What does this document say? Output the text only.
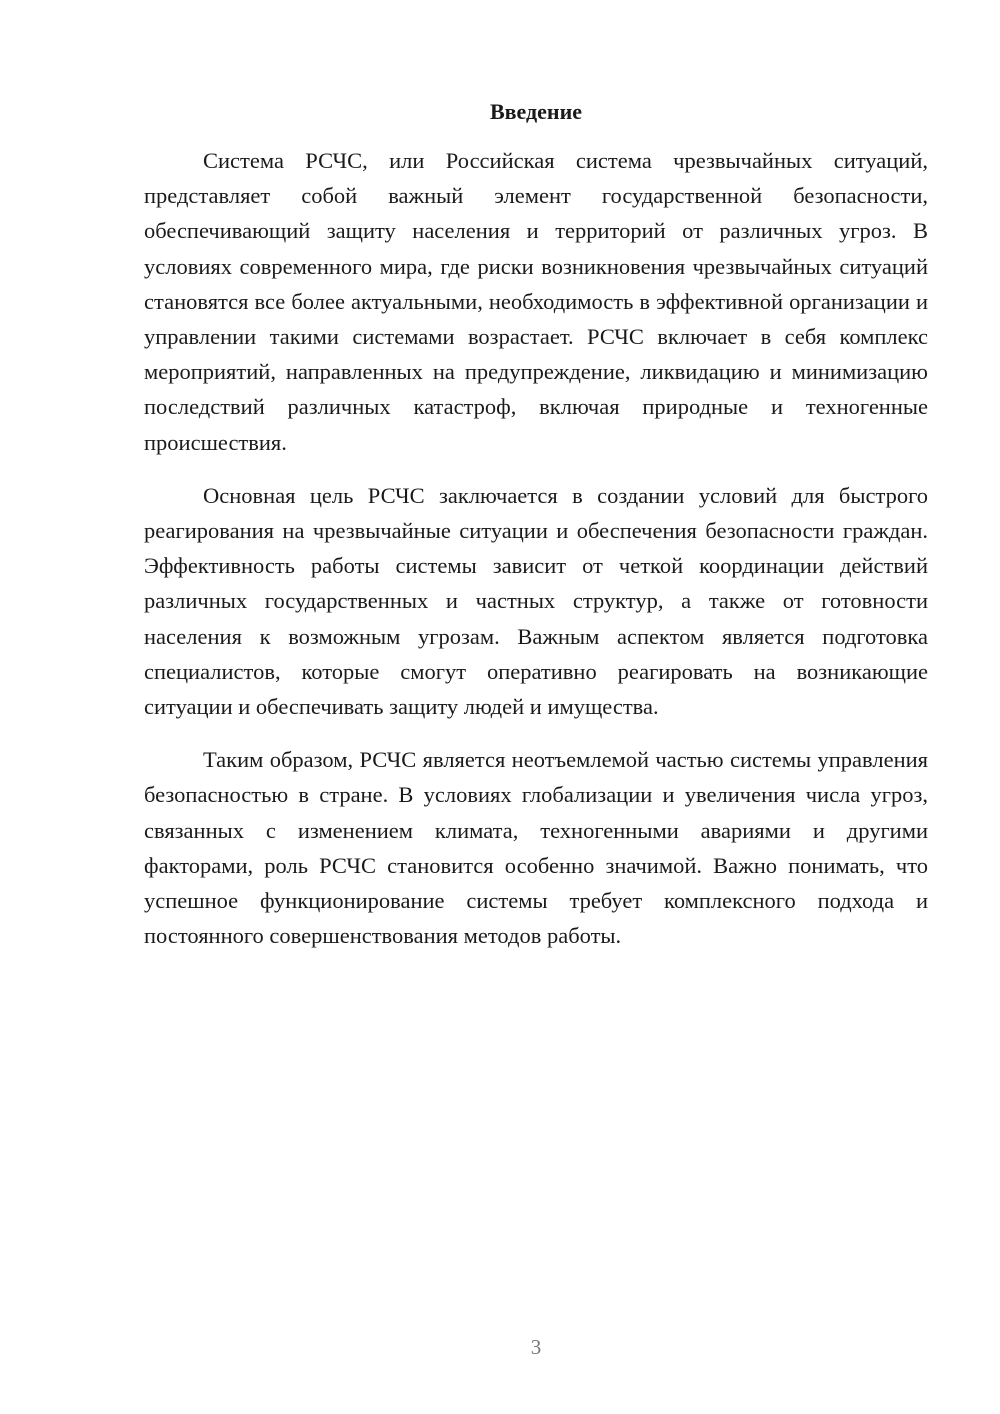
Введение

Система РСЧС, или Российская система чрезвычайных ситуаций, представляет собой важный элемент государственной безопасности, обеспечивающий защиту населения и территорий от различных угроз. В условиях современного мира, где риски возникновения чрезвычайных ситуаций становятся все более актуальными, необходимость в эффективной организации и управлении такими системами возрастает. РСЧС включает в себя комплекс мероприятий, направленных на предупреждение, ликвидацию и минимизацию последствий различных катастроф, включая природные и техногенные происшествия.

Основная цель РСЧС заключается в создании условий для быстрого реагирования на чрезвычайные ситуации и обеспечения безопасности граждан. Эффективность работы системы зависит от четкой координации действий различных государственных и частных структур, а также от готовности населения к возможным угрозам. Важным аспектом является подготовка специалистов, которые смогут оперативно реагировать на возникающие ситуации и обеспечивать защиту людей и имущества.

Таким образом, РСЧС является неотъемлемой частью системы управления безопасностью в стране. В условиях глобализации и увеличения числа угроз, связанных с изменением климата, техногенными авариями и другими факторами, роль РСЧС становится особенно значимой. Важно понимать, что успешное функционирование системы требует комплексного подхода и постоянного совершенствования методов работы.

3
